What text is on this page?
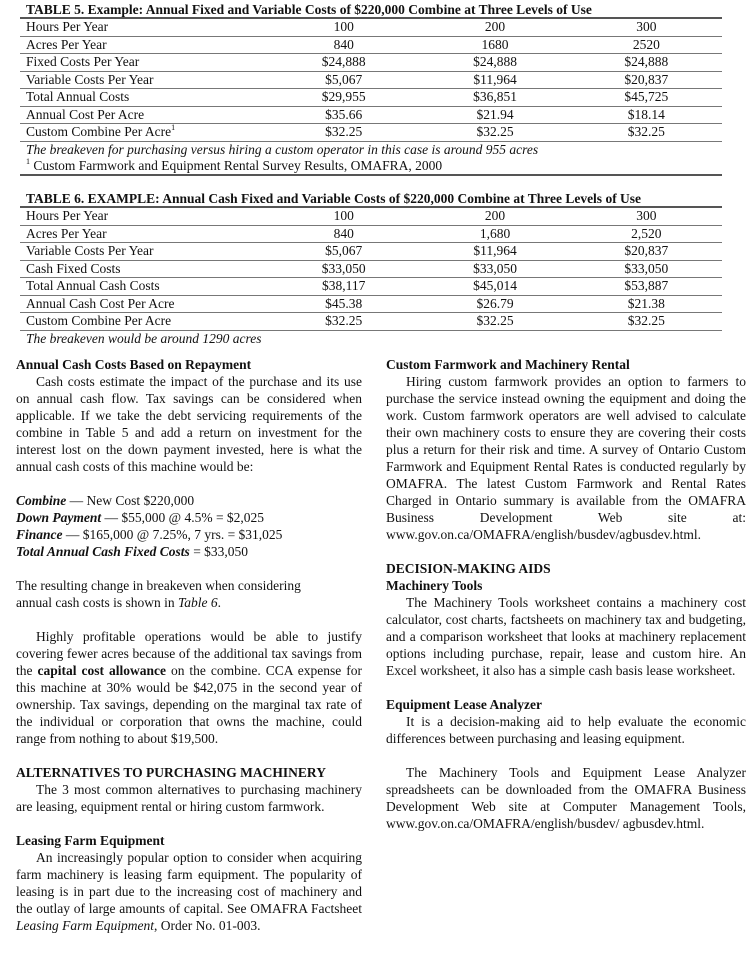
TABLE 5. Example: Annual Fixed and Variable Costs of $220,000 Combine at Three Levels of Use
Hours Per Year	100	200	300
Acres Per Year	840	1680	2520
Fixed Costs Per Year	$24,888	$24,888	$24,888
Variable Costs Per Year	$5,067	$11,964	$20,837
Total Annual Costs	$29,955	$36,851	$45,725
Annual Cost Per Acre	$35.66	$21.94	$18.14
Custom Combine Per Acre$^1$	$32.25	$32.25	$32.25
The breakeven for purchasing versus hiring a custom operator in this case is around 955 acres
$^1$ Custom Farmwork and Equipment Rental Survey Results, OMAFRA, 2000
TABLE 6. EXAMPLE: Annual Cash Fixed and Variable Costs of $220,000 Combine at Three Levels of Use
Hours Per Year	100	200	300
Acres Per Year	840	1,680	2,520
Variable Costs Per Year	$5,067	$11,964	$20,837
Cash Fixed Costs	$33,050	$33,050	$33,050
Total Annual Cash Costs	$38,117	$45,014	$53,887
Annual Cash Cost Per Acre	$45.38	$26.79	$21.38
Custom Combine Per Acre	$32.25	$32.25	$32.25
The breakeven would be around 1290 acres
Annual Cash Costs Based on Repayment

Cash costs estimate the impact of the purchase and its use on annual cash flow. Tax savings can be considered when applicable. If we take the debt servicing requirements of the combine in Table 5 and add a return on investment for the interest lost on the down payment invested, here is what the annual cash costs of this machine would be:

Combine — New Cost $220,000

Down Payment — $55,000 @ 4.5% = $2,025

Finance — $165,000 @ 7.25%, 7 yrs. = $31,025

Total Annual Cash Fixed Costs = $33,050

The resulting change in breakeven when considering annual cash costs is shown in Table 6.

Highly profitable operations would be able to justify covering fewer acres because of the additional tax savings from the capital cost allowance on the combine. CCA expense for this machine at 30% would be $42,075 in the second year of ownership. Tax savings, depending on the marginal tax rate of the individual or corporation that owns the machine, could range from nothing to about $19,500.

ALTERNATIVES TO PURCHASING MACHINERY

The 3 most common alternatives to purchasing machinery are leasing, equipment rental or hiring custom farmwork.

Leasing Farm Equipment

An increasingly popular option to consider when acquiring farm machinery is leasing farm equipment. The popularity of leasing is in part due to the increasing cost of machinery and the outlay of large amounts of capital. See OMAFRA Factsheet Leasing Farm Equipment, Order No. 01-003.

Custom Farmwork and Machinery Rental

Hiring custom farmwork provides an option to farmers to purchase the service instead owning the equipment and doing the work. Custom farmwork operators are well advised to calculate their own machinery costs to ensure they are covering their costs plus a return for their risk and time. A survey of Ontario Custom Farmwork and Equipment Rental Rates is conducted regularly by OMAFRA. The latest Custom Farmwork and Rental Rates Charged in Ontario summary is available from the OMAFRA Business Development Web site at: www.gov.on.ca/OMAFRA/english/busdev/agbusdev.html.

DECISION-MAKING AIDS
Machinery Tools

The Machinery Tools worksheet contains a machinery cost calculator, cost charts, factsheets on machinery tax and budgeting, and a comparison worksheet that looks at machinery replacement options including purchase, repair, lease and custom hire. An Excel worksheet, it also has a simple cash basis lease worksheet.

Equipment Lease Analyzer

It is a decision-making aid to help evaluate the economic differences between purchasing and leasing equipment.

The Machinery Tools and Equipment Lease Analyzer spreadsheets can be downloaded from the OMAFRA Business Development Web site at Computer Management Tools, www.gov.on.ca/OMAFRA/english/busdev/ agbusdev.html.
